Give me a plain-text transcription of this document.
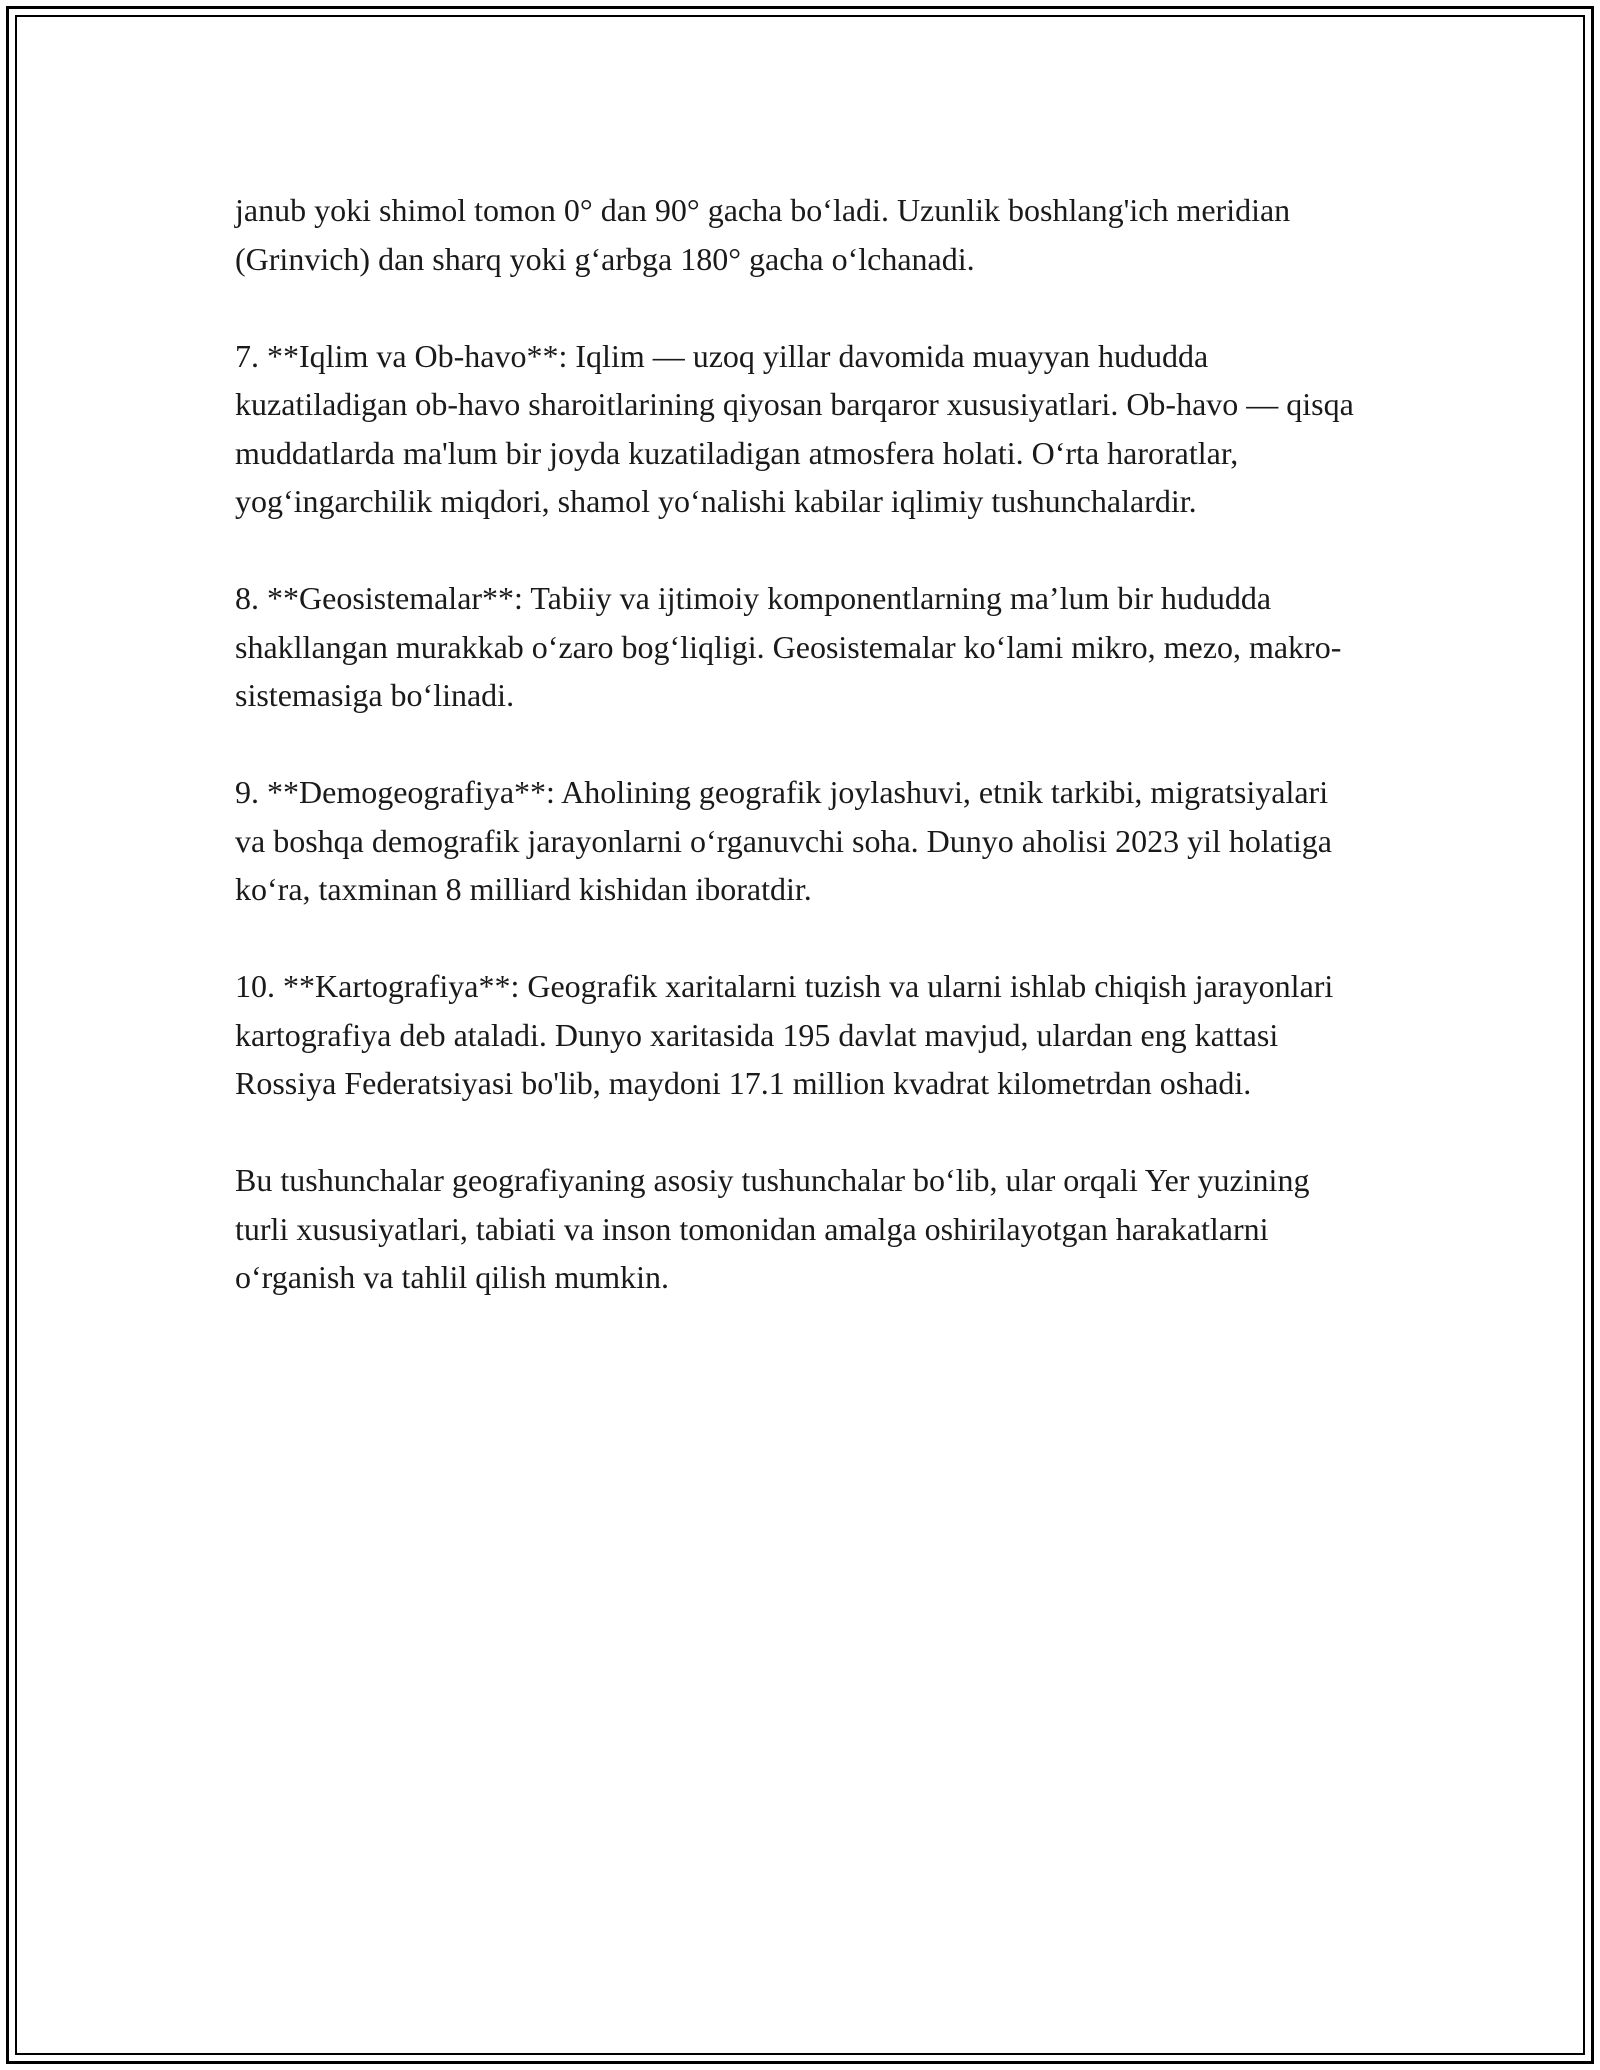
janub yoki shimol tomon 0° dan 90° gacha bo‘ladi. Uzunlik boshlang'ich meridian (Grinvich) dan sharq yoki g‘arbga 180° gacha o‘lchanadi.

7. **Iqlim va Ob-havo**: Iqlim — uzoq yillar davomida muayyan hududda kuzatiladigan ob-havo sharoitlarining qiyosan barqaror xususiyatlari. Ob-havo — qisqa muddatlarda ma'lum bir joyda kuzatiladigan atmosfera holati. O‘rta haroratlar, yog‘ingarchilik miqdori, shamol yo‘nalishi kabilar iqlimiy tushunchalardir.

8. **Geosistemalar**: Tabiiy va ijtimoiy komponentlarning ma’lum bir hududda shakllangan murakkab o‘zaro bog‘liqligi. Geosistemalar ko‘lami mikro, mezo, makro-sistemasiga bo‘linadi.

9. **Demogeografiya**: Aholining geografik joylashuvi, etnik tarkibi, migratsiyalari va boshqa demografik jarayonlarni o‘rganuvchi soha. Dunyo aholisi 2023 yil holatiga ko‘ra, taxminan 8 milliard kishidan iboratdir.

10. **Kartografiya**: Geografik xaritalarni tuzish va ularni ishlab chiqish jarayonlari kartografiya deb ataladi. Dunyo xaritasida 195 davlat mavjud, ulardan eng kattasi Rossiya Federatsiyasi bo'lib, maydoni 17.1 million kvadrat kilometrdan oshadi.

Bu tushunchalar geografiyaning asosiy tushunchalar bo‘lib, ular orqali Yer yuzining turli xususiyatlari, tabiati va inson tomonidan amalga oshirilayotgan harakatlarni o‘rganish va tahlil qilish mumkin.
